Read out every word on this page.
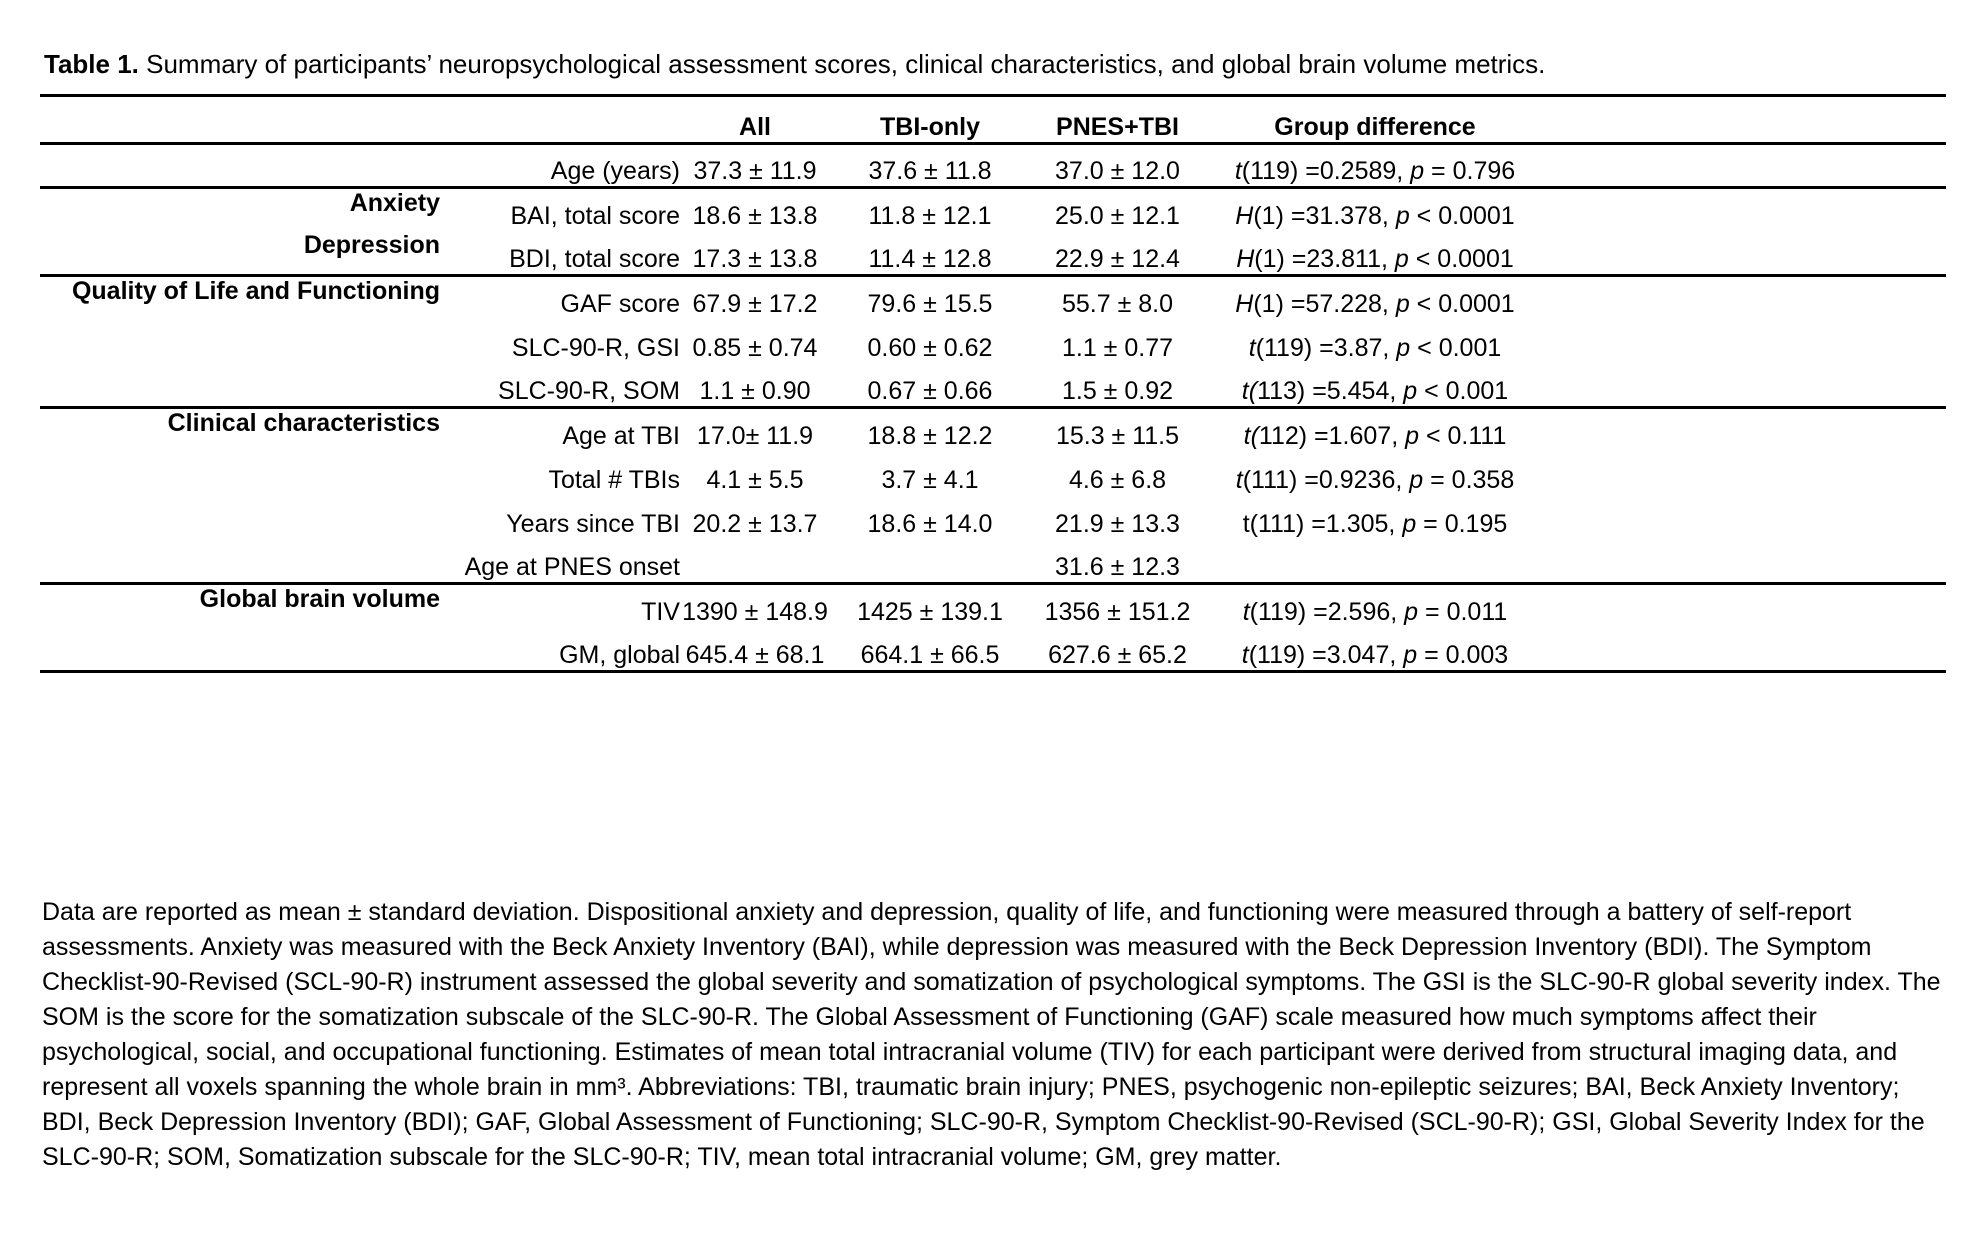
Table 1. Summary of participants’ neuropsychological assessment scores, clinical characteristics, and global brain volume metrics.

		All	TBI-only	PNES+TBI	Group difference	
	Age (years)	37.3 ± 11.9	37.6 ± 11.8	37.0 ± 12.0	t(119) =0.2589, p = 0.796	
Anxiety	BAI, total score	18.6 ± 13.8	11.8 ± 12.1	25.0 ± 12.1	H(1) =31.378, p < 0.0001	
Depression	BDI, total score	17.3 ± 13.8	11.4 ± 12.8	22.9 ± 12.4	H(1) =23.811, p < 0.0001	
Quality of Life and Functioning	GAF score	67.9 ± 17.2	79.6 ± 15.5	55.7 ± 8.0	H(1) =57.228, p < 0.0001	
	SLC-90-R, GSI	0.85 ± 0.74	0.60 ± 0.62	1.1 ± 0.77	t(119) =3.87, p < 0.001	
	SLC-90-R, SOM	1.1 ± 0.90	0.67 ± 0.66	1.5 ± 0.92	t(113) =5.454, p < 0.001	
Clinical characteristics	Age at TBI	17.0± 11.9	18.8 ± 12.2	15.3 ± 11.5	t(112) =1.607, p < 0.111	
	Total # TBIs	4.1 ± 5.5	3.7 ± 4.1	4.6 ± 6.8	t(111) =0.9236, p = 0.358	
	Years since TBI	20.2 ± 13.7	18.6 ± 14.0	21.9 ± 13.3	t(111) =1.305, p = 0.195	
	Age at PNES onset			31.6 ± 12.3		
Global brain volume	TIV	1390 ± 148.9	1425 ± 139.1	1356 ± 151.2	t(119) =2.596, p = 0.011	
	GM, global	645.4 ± 68.1	664.1 ± 66.5	627.6 ± 65.2	t(119) =3.047, p = 0.003	

Data are reported as mean ± standard deviation. Dispositional anxiety and depression, quality of life, and functioning were measured through a battery of self-report assessments. Anxiety was measured with the Beck Anxiety Inventory (BAI), while depression was measured with the Beck Depression Inventory (BDI). The Symptom Checklist-90-Revised (SCL-90-R) instrument assessed the global severity and somatization of psychological symptoms. The GSI is the SLC-90-R global severity index. The SOM is the score for the somatization subscale of the SLC-90-R. The Global Assessment of Functioning (GAF) scale measured how much symptoms affect their psychological, social, and occupational functioning. Estimates of mean total intracranial volume (TIV) for each participant were derived from structural imaging data, and represent all voxels spanning the whole brain in mm³. Abbreviations: TBI, traumatic brain injury; PNES, psychogenic non-epileptic seizures; BAI, Beck Anxiety Inventory; BDI, Beck Depression Inventory (BDI); GAF, Global Assessment of Functioning; SLC-90-R, Symptom Checklist-90-Revised (SCL-90-R); GSI, Global Severity Index for the SLC-90-R; SOM, Somatization subscale for the SLC-90-R; TIV, mean total intracranial volume; GM, grey matter.
